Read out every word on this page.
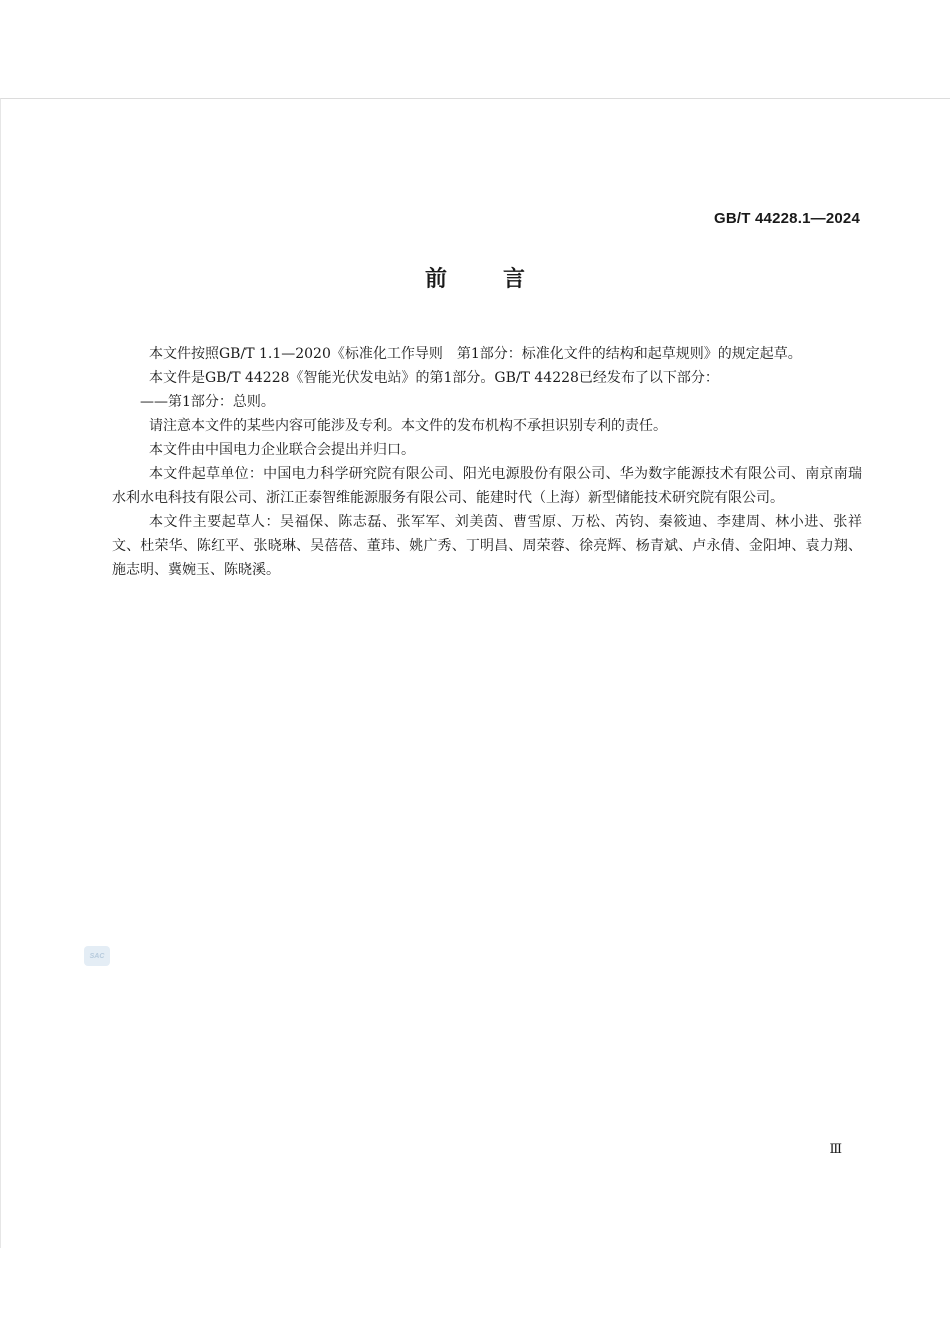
GB/T 44228.1—2024
前言

本文件按照GB/T 1.1—2020《标准化工作导则　第1部分：标准化文件的结构和起草规则》的规定起草。

本文件是GB/T 44228《智能光伏发电站》的第1部分。GB/T 44228已经发布了以下部分：

——第1部分：总则。

请注意本文件的某些内容可能涉及专利。本文件的发布机构不承担识别专利的责任。

本文件由中国电力企业联合会提出并归口。

本文件起草单位：中国电力科学研究院有限公司、阳光电源股份有限公司、华为数字能源技术有限公司、南京南瑞水利水电科技有限公司、浙江正泰智维能源服务有限公司、能建时代（上海）新型储能技术研究院有限公司。

本文件主要起草人：吴福保、陈志磊、张军军、刘美茵、曹雪原、万松、芮钧、秦筱迪、李建周、林小进、张祥文、杜荣华、陈红平、张晓琳、吴蓓蓓、董玮、姚广秀、丁明昌、周荣蓉、徐亮辉、杨青斌、卢永倩、金阳坤、袁力翔、施志明、冀婉玉、陈晓溪。

SAC
Ⅲ
